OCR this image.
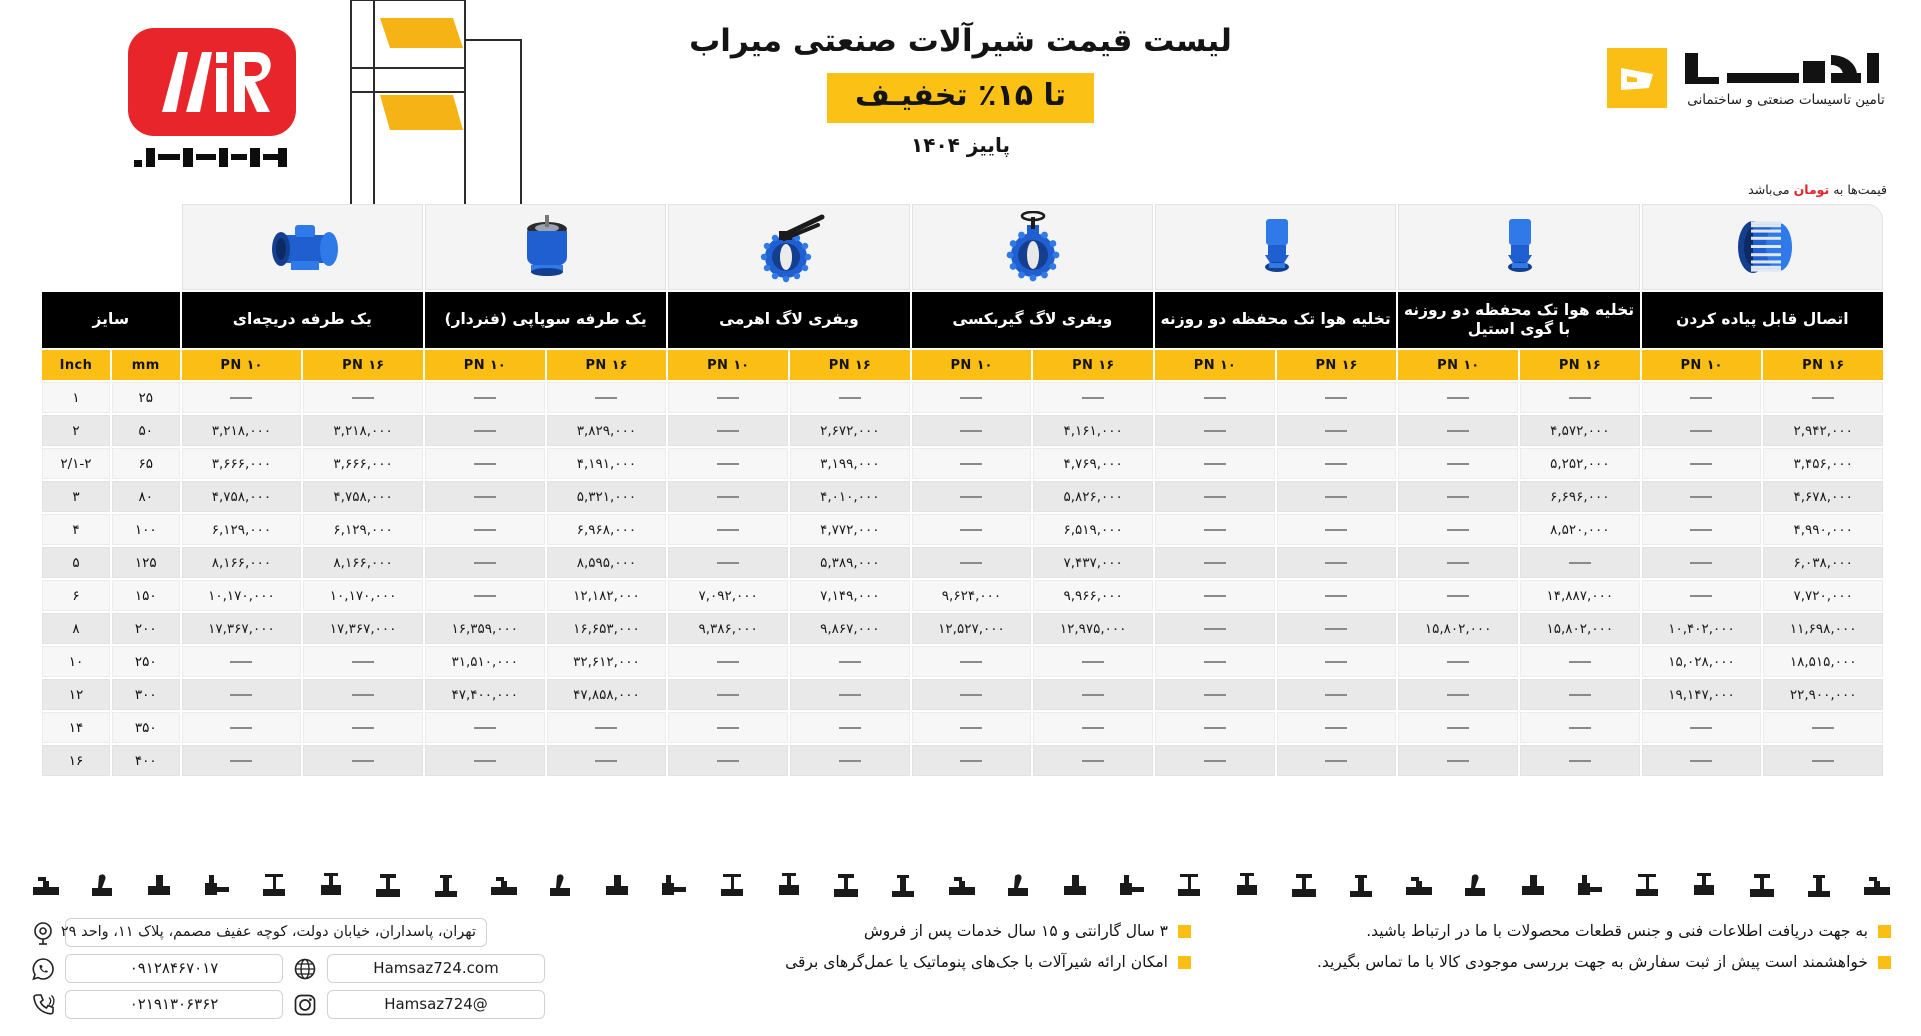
لیست قیمت شیرآلات صنعتی میراب
تا ۱۵٪ تخفیـف
پاییز ۱۴۰۴
تامین تاسیسات صنعتی و ساختمانی
قیمت‌ها به تومان می‌باشد

اتصال قابل پیاده کردن		تخلیه هوا تک محفظه دو روزنه با گوی استیل		تخلیه هوا تک محفظه دو روزنه		ویفری لاگ گیربکسی		ویفری لاگ اهرمی		یک طرفه سوپاپی (فنردار)		یک طرفه دریچه‌ای		سایز	
PN ۱۶	PN ۱۰	PN ۱۶	PN ۱۰	PN ۱۶	PN ۱۰	PN ۱۶	PN ۱۰	PN ۱۶	PN ۱۰	PN ۱۶	PN ۱۰	PN ۱۶	PN ۱۰	mm	Inch
														۲۵	۱
۲,۹۴۲,۰۰۰		۴,۵۷۲,۰۰۰				۴,۱۶۱,۰۰۰		۲,۶۷۲,۰۰۰		۳,۸۲۹,۰۰۰		۳,۲۱۸,۰۰۰	۳,۲۱۸,۰۰۰	۵۰	۲
۳,۴۵۶,۰۰۰		۵,۲۵۲,۰۰۰				۴,۷۶۹,۰۰۰		۳,۱۹۹,۰۰۰		۴,۱۹۱,۰۰۰		۳,۶۶۶,۰۰۰	۳,۶۶۶,۰۰۰	۶۵	۲/۱-۲
۴,۶۷۸,۰۰۰		۶,۶۹۶,۰۰۰				۵,۸۲۶,۰۰۰		۴,۰۱۰,۰۰۰		۵,۳۲۱,۰۰۰		۴,۷۵۸,۰۰۰	۴,۷۵۸,۰۰۰	۸۰	۳
۴,۹۹۰,۰۰۰		۸,۵۲۰,۰۰۰				۶,۵۱۹,۰۰۰		۴,۷۷۲,۰۰۰		۶,۹۶۸,۰۰۰		۶,۱۲۹,۰۰۰	۶,۱۲۹,۰۰۰	۱۰۰	۴
۶,۰۳۸,۰۰۰						۷,۴۳۷,۰۰۰		۵,۳۸۹,۰۰۰		۸,۵۹۵,۰۰۰		۸,۱۶۶,۰۰۰	۸,۱۶۶,۰۰۰	۱۲۵	۵
۷,۷۲۰,۰۰۰		۱۴,۸۸۷,۰۰۰				۹,۹۶۶,۰۰۰	۹,۶۲۴,۰۰۰	۷,۱۴۹,۰۰۰	۷,۰۹۲,۰۰۰	۱۲,۱۸۲,۰۰۰		۱۰,۱۷۰,۰۰۰	۱۰,۱۷۰,۰۰۰	۱۵۰	۶
۱۱,۶۹۸,۰۰۰	۱۰,۴۰۲,۰۰۰	۱۵,۸۰۲,۰۰۰	۱۵,۸۰۲,۰۰۰			۱۲,۹۷۵,۰۰۰	۱۲,۵۲۷,۰۰۰	۹,۸۶۷,۰۰۰	۹,۳۸۶,۰۰۰	۱۶,۶۵۳,۰۰۰	۱۶,۳۵۹,۰۰۰	۱۷,۳۶۷,۰۰۰	۱۷,۳۶۷,۰۰۰	۲۰۰	۸
۱۸,۵۱۵,۰۰۰	۱۵,۰۲۸,۰۰۰									۳۲,۶۱۲,۰۰۰	۳۱,۵۱۰,۰۰۰			۲۵۰	۱۰
۲۲,۹۰۰,۰۰۰	۱۹,۱۴۷,۰۰۰									۴۷,۸۵۸,۰۰۰	۴۷,۴۰۰,۰۰۰			۳۰۰	۱۲
														۳۵۰	۱۴
														۴۰۰	۱۶
تهران، پاسداران، خیابان دولت، کوچه عفیف مصمم، پلاک ۱۱، واحد ۲۹
Hamsaz724.com
۰۹۱۲۸۴۶۷۰۱۷
@Hamsaz724
۰۲۱۹۱۳۰۶۳۶۲
به جهت دریافت اطلاعات فنی و جنس قطعات محصولات با ما در ارتباط باشید.
خواهشمند است پیش از ثبت سفارش به جهت بررسی موجودی کالا با ما تماس بگیرید.
۳ سال گارانتی و ۱۵ سال خدمات پس از فروش
امکان ارائه شیرآلات با جک‌های پنوماتیک یا عمل‌گرهای برقی
